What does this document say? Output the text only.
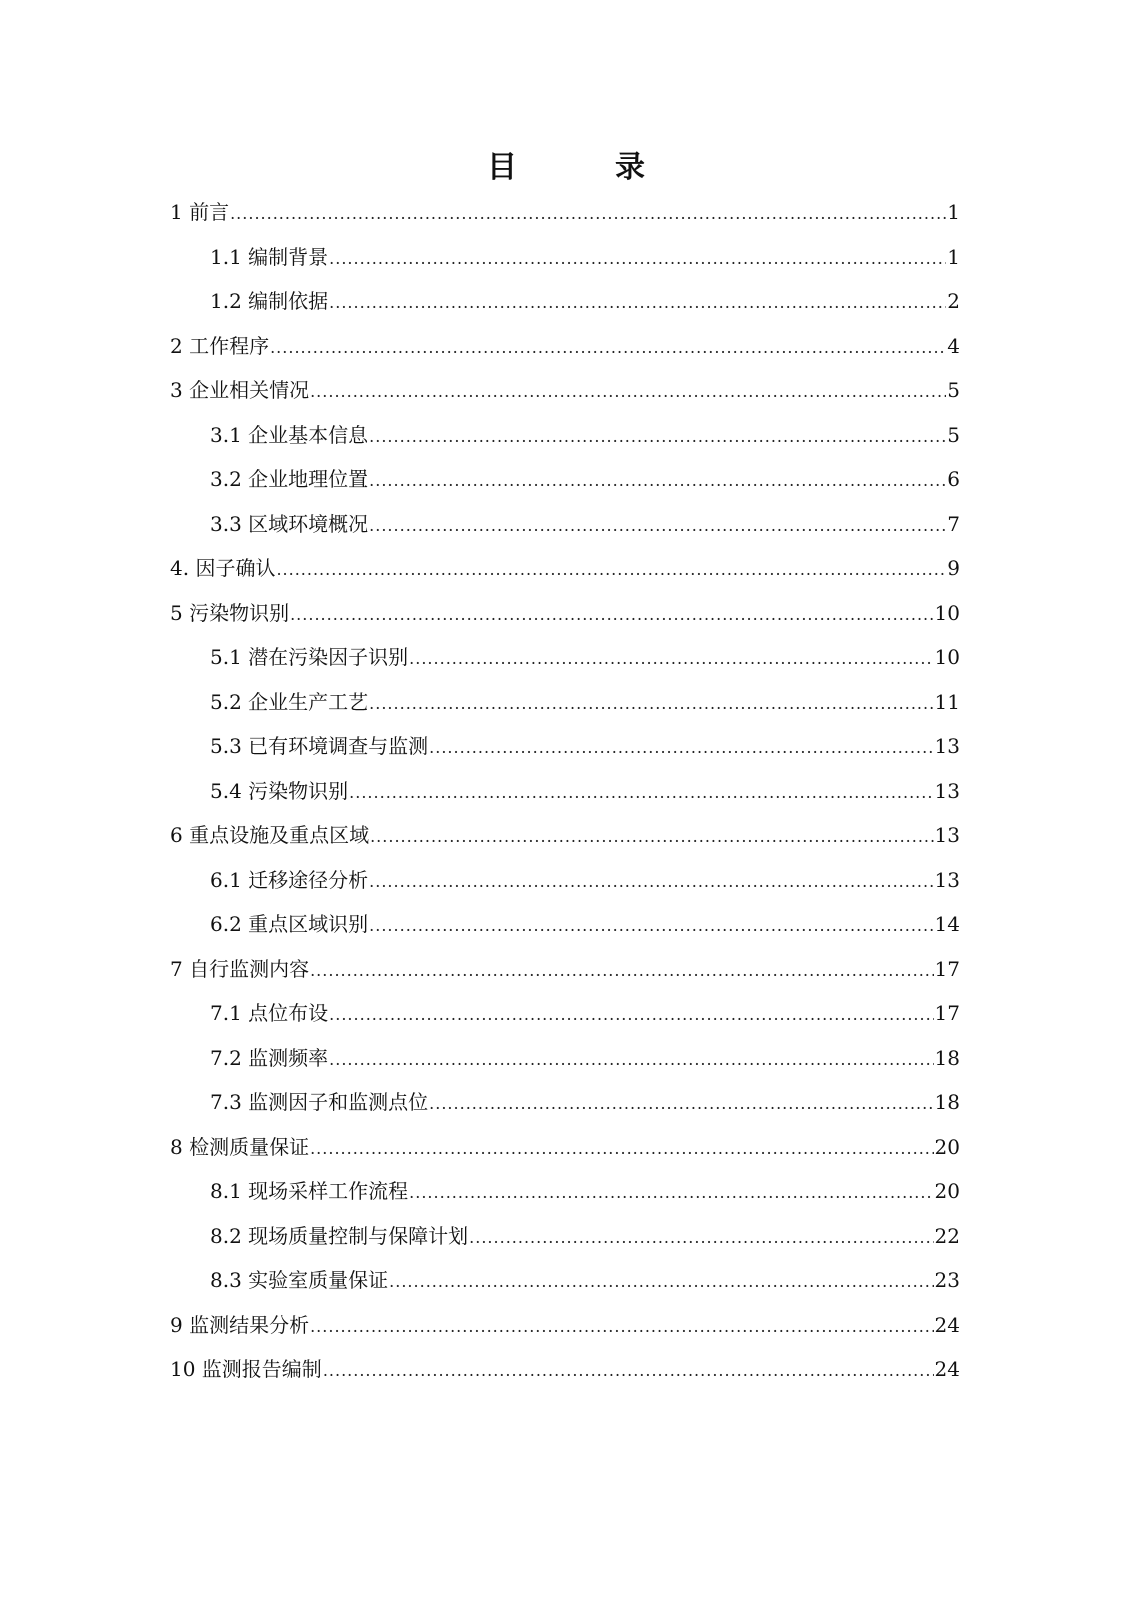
目　录
1 前言 .....	1
1.1 编制背景 .....	1
1.2 编制依据 .....	2
2 工作程序 .....	4
3 企业相关情况 .....	5
3.1 企业基本信息 .....	5
3.2 企业地理位置 .....	6
3.3 区域环境概况 .....	7
4. 因子确认 .....	9
5 污染物识别 .....	10
5.1 潜在污染因子识别 .....	10
5.2 企业生产工艺 .....	11
5.3 已有环境调查与监测 .....	13
5.4 污染物识别 .....	13
6 重点设施及重点区域 .....	13
6.1 迁移途径分析 .....	13
6.2 重点区域识别 .....	14
7 自行监测内容 .....	17
7.1 点位布设 .....	17
7.2 监测频率 .....	18
7.3 监测因子和监测点位 .....	18
8 检测质量保证 .....	20
8.1 现场采样工作流程 .....	20
8.2 现场质量控制与保障计划 .....	22
8.3 实验室质量保证 .....	23
9 监测结果分析 .....	24
10 监测报告编制 .....	24
